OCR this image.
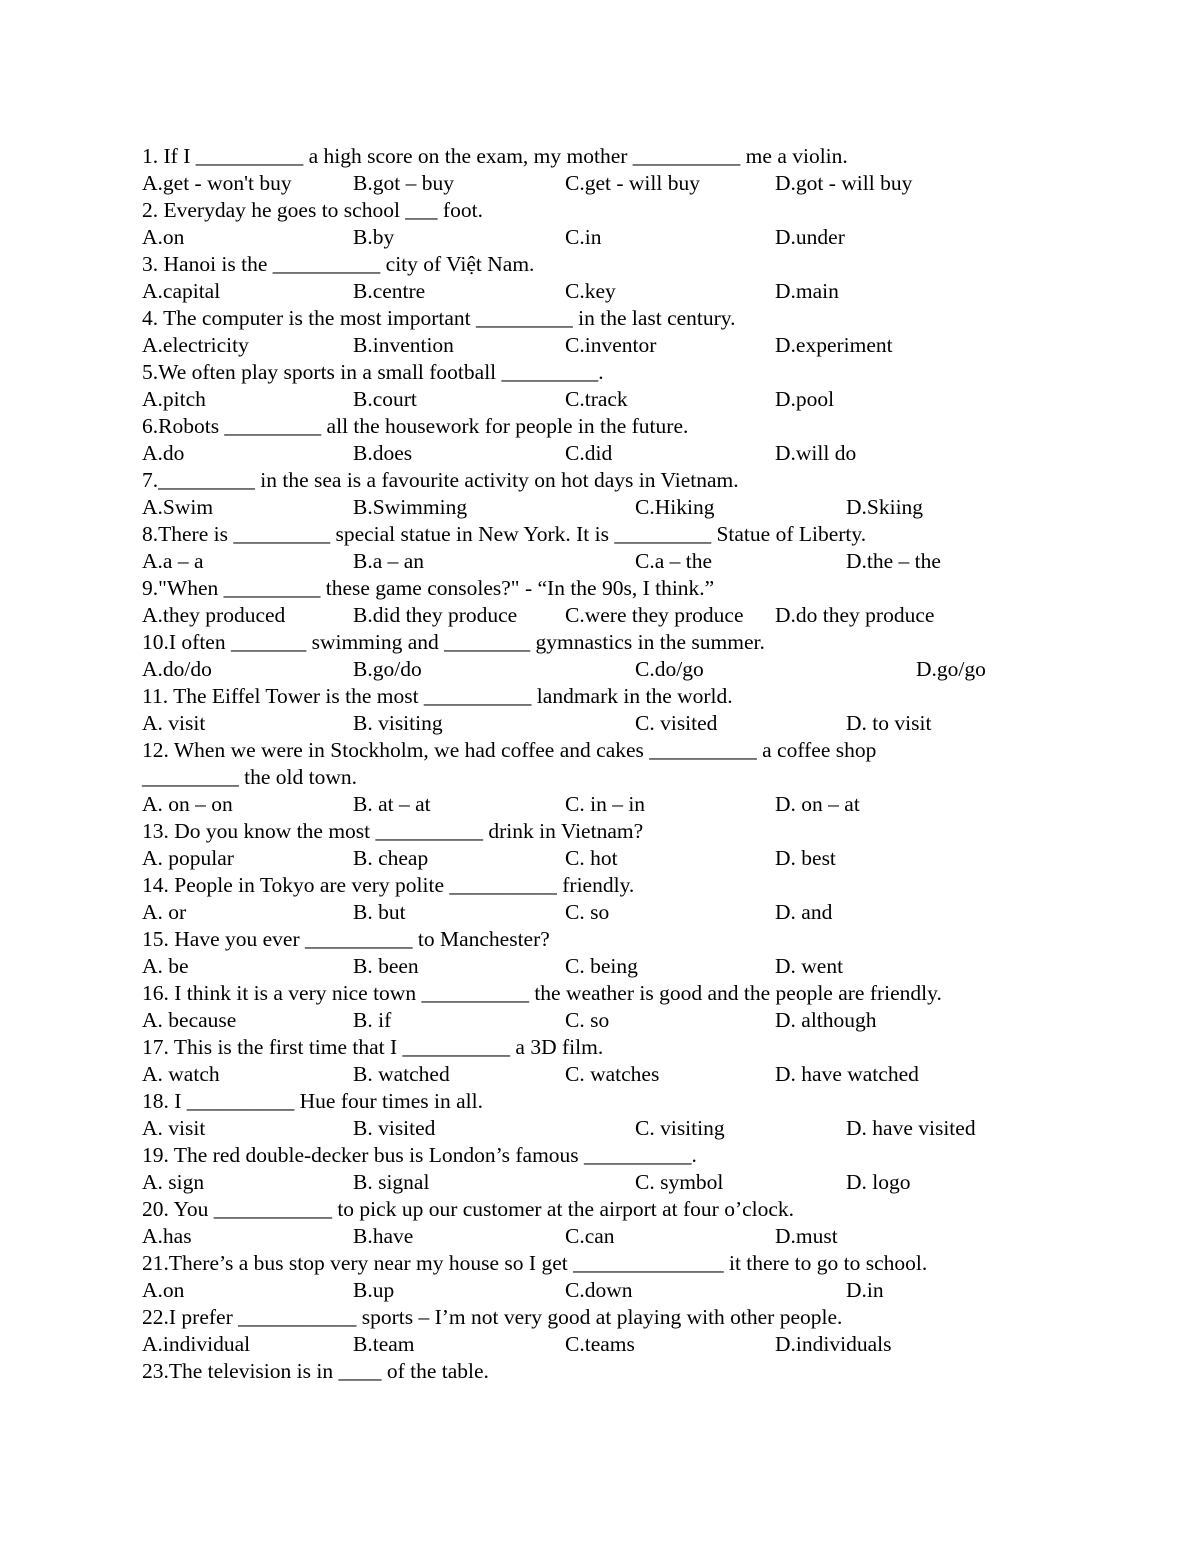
1. If I __________ a high score on the exam, my mother __________ me a violin.
A.get - won't buy	B.got – buy	C.get - will buy	D.got - will buy
2. Everyday he goes to school ___ foot.
A.on	B.by	C.in	D.under
3. Hanoi is the __________ city of Việt Nam.
A.capital	B.centre	C.key	D.main
4. The computer is the most important _________ in the last century.
A.electricity	B.invention	C.inventor	D.experiment
5.We often play sports in a small football _________.
A.pitch	B.court	C.track	D.pool
6.Robots _________ all the housework for people in the future.
A.do	B.does	C.did	D.will do
7._________ in the sea is a favourite activity on hot days in Vietnam.
A.Swim	B.Swimming	C.Hiking	D.Skiing
8.There is _________ special statue in New York. It is _________ Statue of Liberty.
A.a – a	B.a – an	C.a – the	D.the – the
9."When _________ these game consoles?" - “In the 90s, I think.”
A.they produced	B.did they produce C.were they produce D.do they produce
10.I often _______ swimming and ________ gymnastics in the summer.
A.do/do	B.go/do	C.do/go	D.go/go
11. The Eiffel Tower is the most __________ landmark in the world.
A. visit	B. visiting	C. visited	D. to visit
12. When we were in Stockholm, we had coffee and cakes __________ a coffee shop
_________ the old town.
A. on – on	B. at – at	C. in – in	D. on – at
13. Do you know the most __________ drink in Vietnam?
A. popular	B. cheap	C. hot	D. best
14. People in Tokyo are very polite __________ friendly.
A. or	B. but	C. so	D. and
15. Have you ever __________ to Manchester?
A. be	B. been	C. being	D. went
16. I think it is a very nice town __________ the weather is good and the people are friendly.
A. because	B. if	C. so	D. although
17. This is the first time that I __________ a 3D film.
A. watch	B. watched	C. watches	D. have watched
18. I __________ Hue four times in all.
A. visit	B. visited	C. visiting	D. have visited
19. The red double-decker bus is London’s famous __________.
A. sign	B. signal	C. symbol	D. logo
20. You ___________ to pick up our customer at the airport at four o’clock.
A.has	B.have	C.can	D.must
21.There’s a bus stop very near my house so I get ______________ it there to go to school.
A.on	B.up	C.down	D.in
22.I prefer ___________ sports – I’m not very good at playing with other people.
A.individual	B.team	C.teams	D.individuals
23.The television is in ____ of the table.
